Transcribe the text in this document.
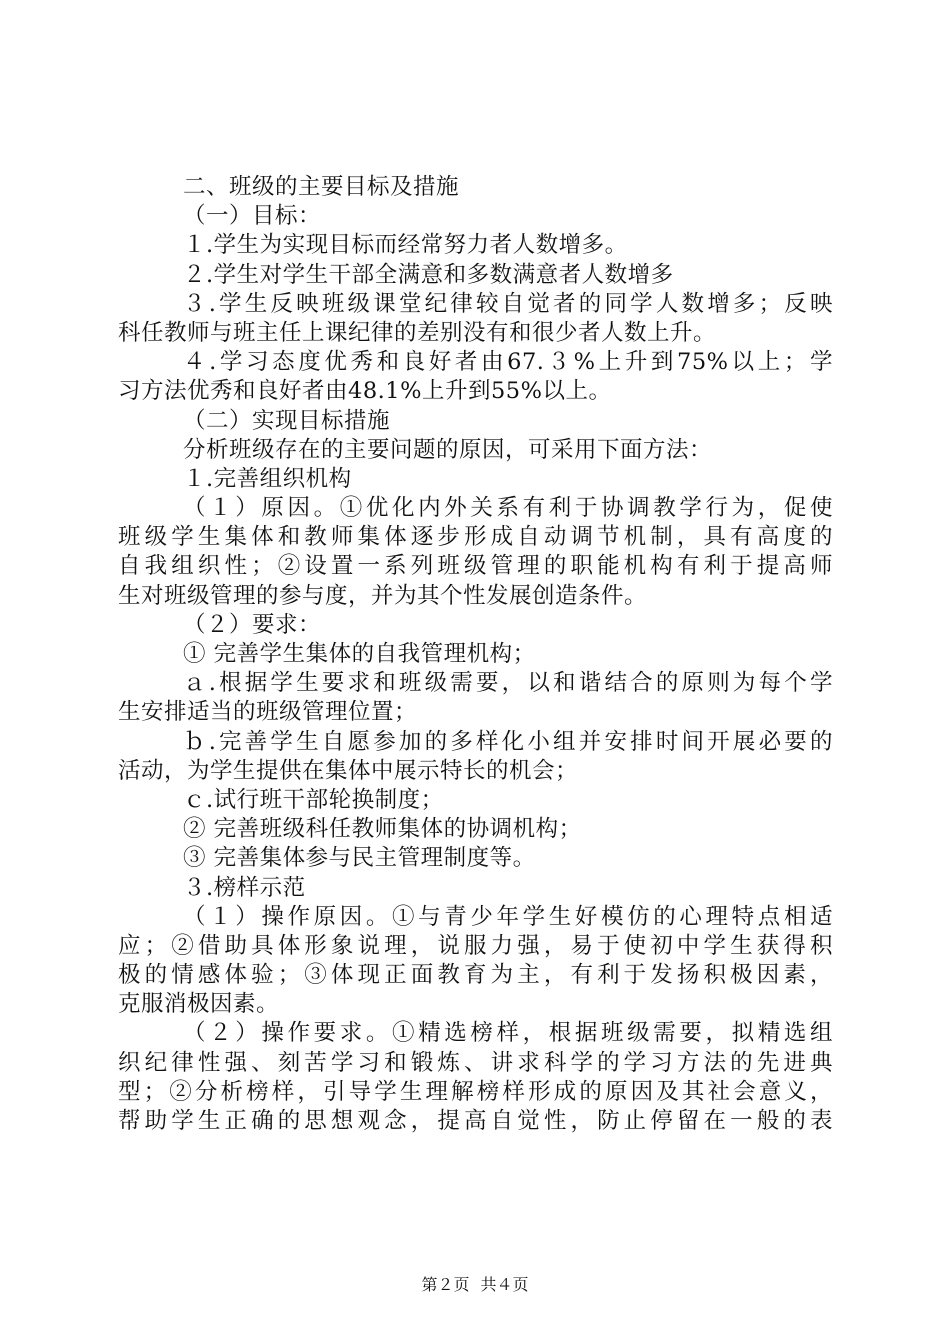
二、班级的主要目标及措施
（一）目标：
１.学生为实现目标而经常努力者人数增多。
２.学生对学生干部全满意和多数满意者人数增多
３.学生反映班级课堂纪律较自觉者的同学人数增多；反映
科任教师与班主任上课纪律的差别没有和很少者人数上升。
４.学习态度优秀和良好者由67.３%上升到75%以上；学
习方法优秀和良好者由48.1%上升到55%以上。
（二）实现目标措施
分析班级存在的主要问题的原因，可采用下面方法：
１.完善组织机构
（１）原因。①优化内外关系有利于协调教学行为，促使
班级学生集体和教师集体逐步形成自动调节机制，具有高度的
自我组织性；②设置一系列班级管理的职能机构有利于提高师
生对班级管理的参与度，并为其个性发展创造条件。
（２）要求：
① 完善学生集体的自我管理机构；
ａ.根据学生要求和班级需要，以和谐结合的原则为每个学
生安排适当的班级管理位置；
ｂ.完善学生自愿参加的多样化小组并安排时间开展必要的
活动，为学生提供在集体中展示特长的机会；
ｃ.试行班干部轮换制度；
② 完善班级科任教师集体的协调机构；
③ 完善集体参与民主管理制度等。
３.榜样示范
（１）操作原因。①与青少年学生好模仿的心理特点相适
应；②借助具体形象说理，说服力强，易于使初中学生获得积
极的情感体验；③体现正面教育为主，有利于发扬积极因素，
克服消极因素。
（２）操作要求。①精选榜样，根据班级需要，拟精选组
织纪律性强、刻苦学习和锻炼、讲求科学的学习方法的先进典
型；②分析榜样，引导学生理解榜样形成的原因及其社会意义，
帮助学生正确的思想观念，提高自觉性，防止停留在一般的表
第２页 共４页
